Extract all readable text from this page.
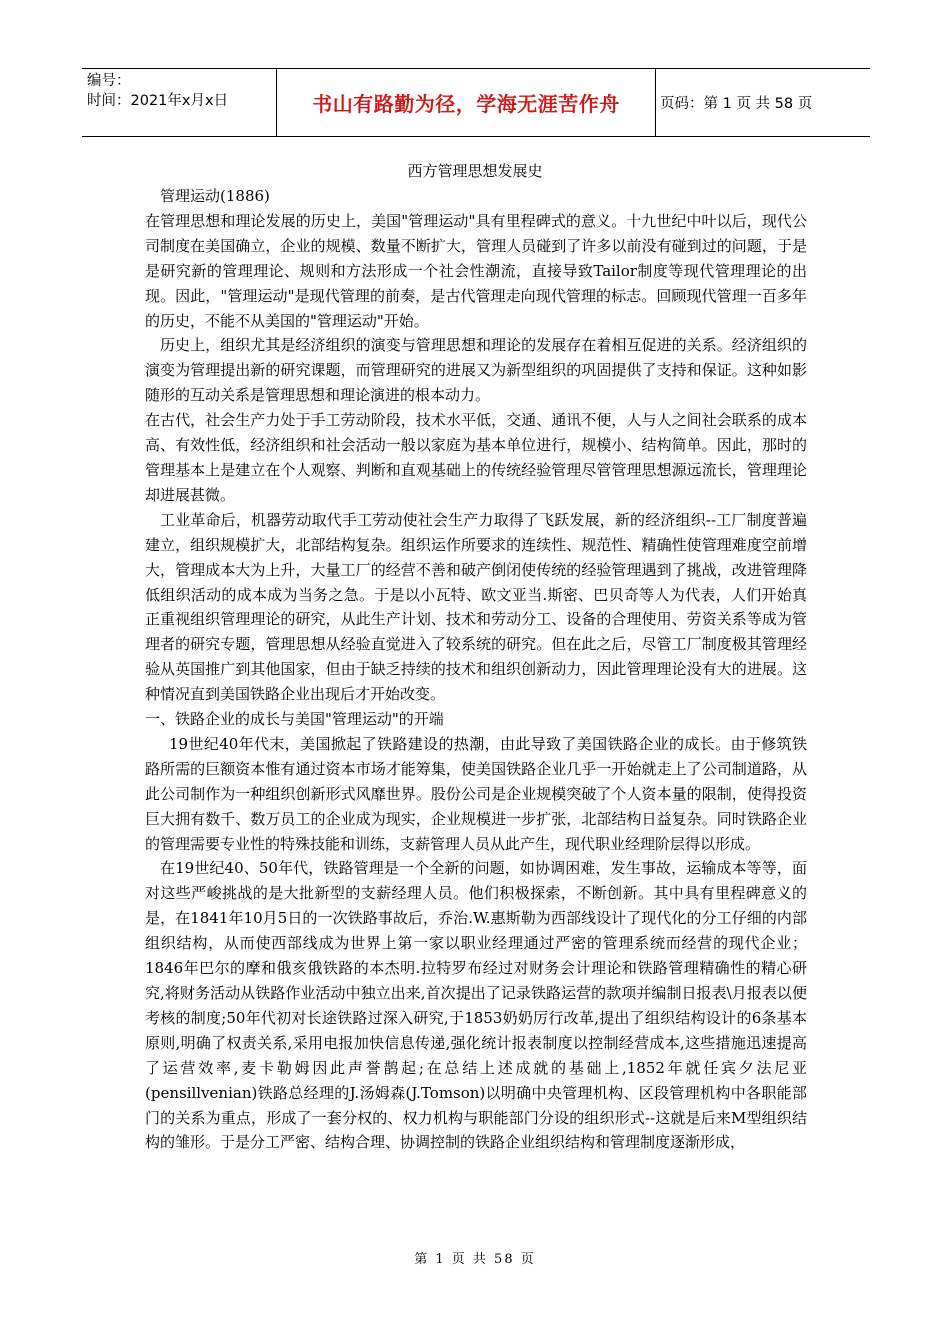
编号：
时间：2021年x月x日	书山有路勤为径，学海无涯苦作舟	页码：第 1 页 共 58 页
西方管理思想发展史

管理运动(1886)

在管理思想和理论发展的历史上，美国"管理运动"具有里程碑式的意义。十九世纪中叶以后，现代公司制度在美国确立，企业的规模、数量不断扩大，管理人员碰到了许多以前没有碰到过的问题，于是是研究新的管理理论、规则和方法形成一个社会性潮流，直接导致Tailor制度等现代管理理论的出现。因此，"管理运动"是现代管理的前奏，是古代管理走向现代管理的标志。回顾现代管理一百多年的历史，不能不从美国的"管理运动"开始。

历史上，组织尤其是经济组织的演变与管理思想和理论的发展存在着相互促进的关系。经济组织的演变为管理提出新的研究课题，而管理研究的进展又为新型组织的巩固提供了支持和保证。这种如影随形的互动关系是管理思想和理论演进的根本动力。

在古代，社会生产力处于手工劳动阶段，技术水平低，交通、通讯不便，人与人之间社会联系的成本高、有效性低，经济组织和社会活动一般以家庭为基本单位进行，规模小、结构简单。因此，那时的管理基本上是建立在个人观察、判断和直观基础上的传统经验管理尽管管理思想源远流长，管理理论却进展甚微。

工业革命后，机器劳动取代手工劳动使社会生产力取得了飞跃发展，新的经济组织--工厂制度普遍建立，组织规模扩大，北部结构复杂。组织运作所要求的连续性、规范性、精确性使管理难度空前增大，管理成本大为上升，大量工厂的经营不善和破产倒闭使传统的经验管理遇到了挑战，改进管理降低组织活动的成本成为当务之急。于是以小瓦特、欧文亚当.斯密、巴贝奇等人为代表，人们开始真正重视组织管理理论的研究，从此生产计划、技术和劳动分工、设备的合理使用、劳资关系等成为管理者的研究专题，管理思想从经验直觉进入了较系统的研究。但在此之后，尽管工厂制度极其管理经验从英国推广到其他国家，但由于缺乏持续的技术和组织创新动力，因此管理理论没有大的进展。这种情况直到美国铁路企业出现后才开始改变。

一、铁路企业的成长与美国"管理运动"的开端

19世纪40年代末，美国掀起了铁路建设的热潮，由此导致了美国铁路企业的成长。由于修筑铁路所需的巨额资本惟有通过资本市场才能筹集，使美国铁路企业几乎一开始就走上了公司制道路，从此公司制作为一种组织创新形式风靡世界。股份公司是企业规模突破了个人资本量的限制，使得投资巨大拥有数千、数万员工的企业成为现实，企业规模进一步扩张，北部结构日益复杂。同时铁路企业的管理需要专业性的特殊技能和训练，支薪管理人员从此产生，现代职业经理阶层得以形成。

在19世纪40、50年代，铁路管理是一个全新的问题，如协调困难，发生事故，运输成本等等，面对这些严峻挑战的是大批新型的支薪经理人员。他们积极探索，不断创新。其中具有里程碑意义的是，在1841年10月5日的一次铁路事故后，乔治.W.惠斯勒为西部线设计了现代化的分工仔细的内部组织结构，从而使西部线成为世界上第一家以职业经理通过严密的管理系统而经营的现代企业；1846年巴尔的摩和俄亥俄铁路的本杰明.拉特罗布经过对财务会计理论和铁路管理精确性的精心研究,将财务活动从铁路作业活动中独立出来,首次提出了记录铁路运营的款项并编制日报表\月报表以便考核的制度;50年代初对长途铁路过深入研究,于1853奶奶厉行改革,提出了组织结构设计的6条基本原则,明确了权责关系,采用电报加快信息传递,强化统计报表制度以控制经营成本,这些措施迅速提高了运营效率,麦卡勒姆因此声誉鹊起;在总结上述成就的基础上,1852年就任宾夕法尼亚(pensillvenian)铁路总经理的J.汤姆森(J.Tomson)以明确中央管理机构、区段管理机构中各职能部门的关系为重点，形成了一套分权的、权力机构与职能部门分设的组织形式--这就是后来M型组织结构的雏形。于是分工严密、结构合理、协调控制的铁路企业组织结构和管理制度逐渐形成，

第 1 页 共 58 页
